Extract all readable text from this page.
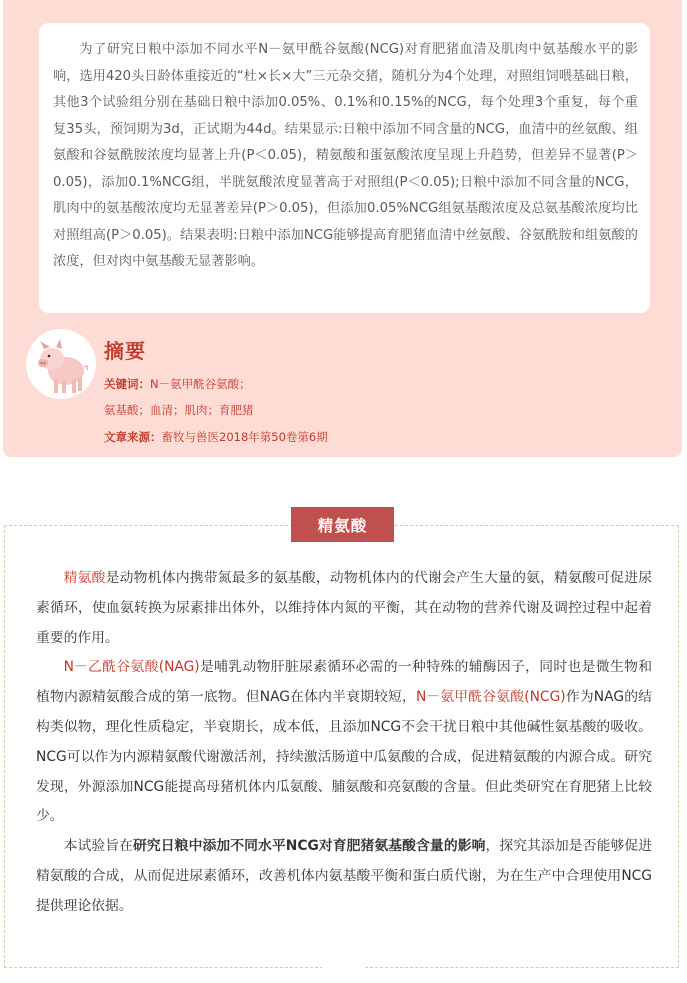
为了研究日粮中添加不同水平N－氨甲酰谷氨酸(NCG)对育肥猪血清及肌肉中氨基酸水平的影响，选用420头日龄体重接近的“杜×长×大”三元杂交猪，随机分为4个处理，对照组饲喂基础日粮，其他3个试验组分别在基础日粮中添加0.05%、0.1%和0.15%的NCG，每个处理3个重复，每个重复35头，预饲期为3d，正试期为44d。结果显示:日粮中添加不同含量的NCG，血清中的丝氨酸、组氨酸和谷氨酰胺浓度均显著上升(P＜0.05)，精氨酸和蛋氨酸浓度呈现上升趋势，但差异不显著(P＞0.05)，添加0.1%NCG组，半胱氨酸浓度显著高于对照组(P＜0.05);日粮中添加不同含量的NCG，肌肉中的氨基酸浓度均无显著差异(P＞0.05)，但添加0.05%NCG组氨基酸浓度及总氨基酸浓度均比对照组高(P＞0.05)。结果表明:日粮中添加NCG能够提高育肥猪血清中丝氨酸、谷氨酰胺和组氨酸的浓度，但对肉中氨基酸无显著影响。
摘要
关键词：N－氨甲酰谷氨酸；
氨基酸；血清；肌肉；育肥猪
文章来源：畜牧与兽医2018年第50卷第6期
精氨酸

精氨酸是动物机体内携带氮最多的氨基酸，动物机体内的代谢会产生大量的氨，精氨酸可促进尿素循环，使血氨转换为尿素排出体外，以维持体内氮的平衡，其在动物的营养代谢及调控过程中起着重要的作用。

N－乙酰谷氨酸(NAG)是哺乳动物肝脏尿素循环必需的一种特殊的辅酶因子，同时也是微生物和植物内源精氨酸合成的第一底物。但NAG在体内半衰期较短，N－氨甲酰谷氨酸(NCG)作为NAG的结构类似物，理化性质稳定，半衰期长，成本低，且添加NCG不会干扰日粮中其他碱性氨基酸的吸收。NCG可以作为内源精氨酸代谢激活剂，持续激活肠道中瓜氨酸的合成，促进精氨酸的内源合成。研究发现，外源添加NCG能提高母猪机体内瓜氨酸、脯氨酸和亮氨酸的含量。但此类研究在育肥猪上比较少。

本试验旨在研究日粮中添加不同水平NCG对育肥猪氨基酸含量的影响，探究其添加是否能够促进精氨酸的合成，从而促进尿素循环，改善机体内氨基酸平衡和蛋白质代谢，为在生产中合理使用NCG提供理论依据。
